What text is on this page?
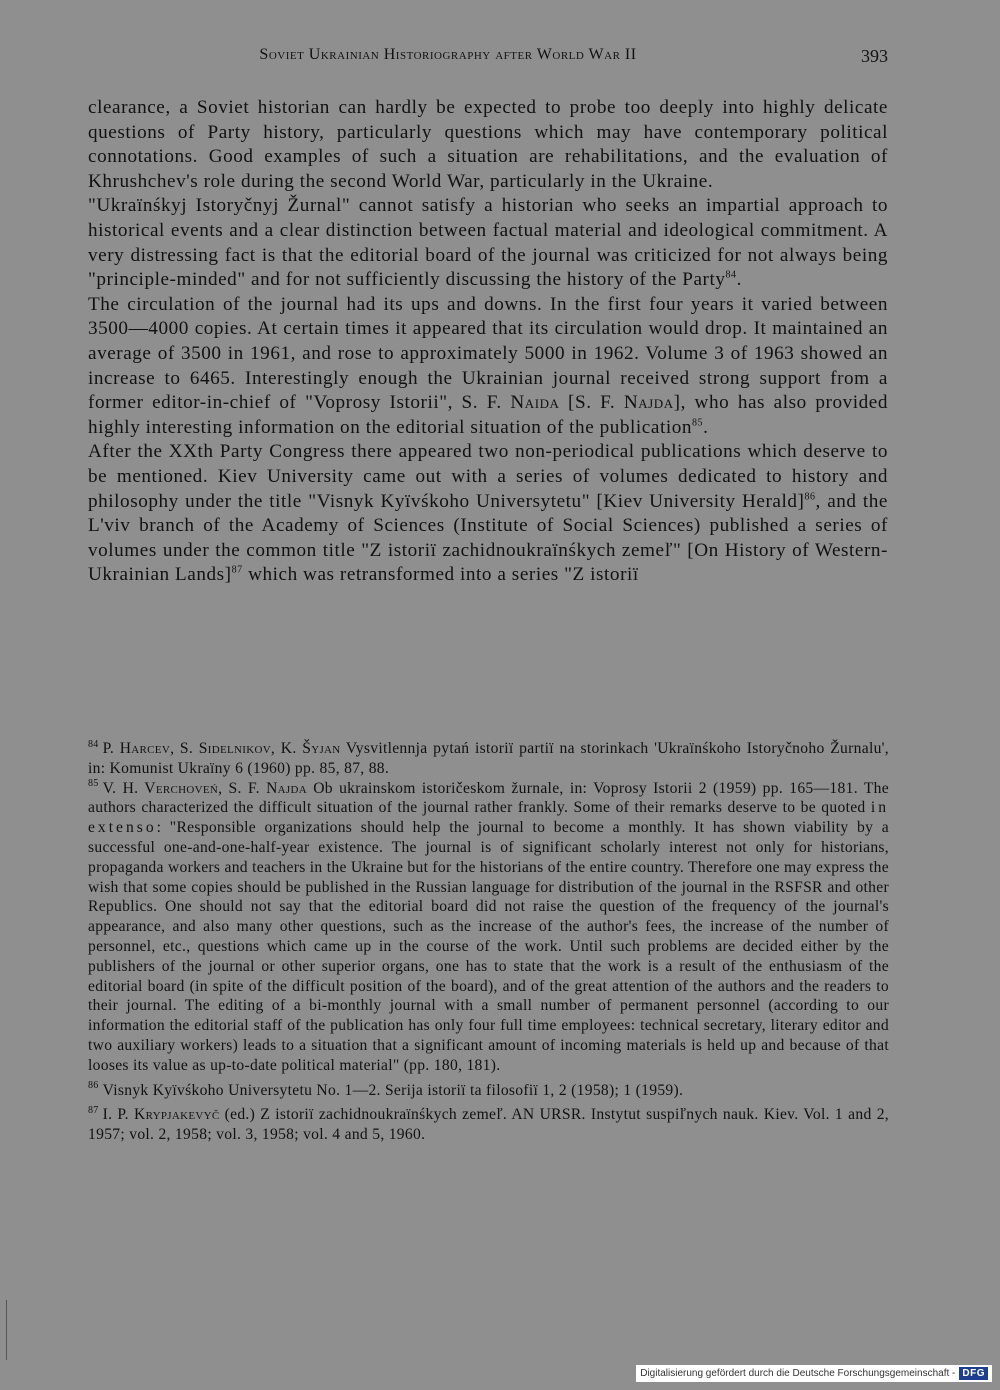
Soviet Ukrainian Historiography after World War II	393

clearance, a Soviet historian can hardly be expected to probe too deeply into highly delicate questions of Party history, particularly questions which may have contemporary political connotations. Good examples of such a situation are rehabilitations, and the evaluation of Khrushchev's role during the second World War, particularly in the Ukraine.

"Ukraïnśkyj Istoryčnyj Žurnal" cannot satisfy a historian who seeks an impartial approach to historical events and a clear distinction between factual material and ideological commitment. A very distressing fact is that the editorial board of the journal was criticized for not always being "principle-minded" and for not sufficiently discussing the history of the Party$^{84}$.

The circulation of the journal had its ups and downs. In the first four years it varied between 3500—4000 copies. At certain times it appeared that its circulation would drop. It maintained an average of 3500 in 1961, and rose to approximately 5000 in 1962. Volume 3 of 1963 showed an increase to 6465. Interestingly enough the Ukrainian journal received strong support from a former editor-in-chief of "Voprosy Istorii", S. F. Naida [S. F. Najda], who has also provided highly interesting information on the editorial situation of the publication$^{85}$.

After the XXth Party Congress there appeared two non-periodical publications which deserve to be mentioned. Kiev University came out with a series of volumes dedicated to history and philosophy under the title "Visnyk Kyïvśkoho Universytetu" [Kiev University Herald]$^{86}$, and the L'viv branch of the Academy of Sciences (Institute of Social Sciences) published a series of volumes under the common title "Z istoriï zachidnoukraïnśkych zemeľ" [On History of Western-Ukrainian Lands]$^{87}$ which was retransformed into a series "Z istoriï

$^{84}$ P. Harcev, S. Sidelnikov, K. Šyjan Vysvitlennja pytań istoriï partiï na storinkach 'Ukraïnśkoho Istoryčnoho Žurnalu', in: Komunist Ukraïny 6 (1960) pp. 85, 87, 88.

$^{85}$ V. H. Verchoveń, S. F. Najda Ob ukrainskom istoričeskom žurnale, in: Voprosy Istorii 2 (1959) pp. 165—181. The authors characterized the difficult situation of the journal rather frankly. Some of their remarks deserve to be quoted in extenso: "Responsible organizations should help the journal to become a monthly. It has shown viability by a successful one-and-one-half-year existence. The journal is of significant scholarly interest not only for historians, propaganda workers and teachers in the Ukraine but for the historians of the entire country. Therefore one may express the wish that some copies should be published in the Russian language for distribution of the journal in the RSFSR and other Republics. One should not say that the editorial board did not raise the question of the frequency of the journal's appearance, and also many other questions, such as the increase of the author's fees, the increase of the number of personnel, etc., questions which came up in the course of the work. Until such problems are decided either by the publishers of the journal or other superior organs, one has to state that the work is a result of the enthusiasm of the editorial board (in spite of the difficult position of the board), and of the great attention of the authors and the readers to their journal. The editing of a bi-monthly journal with a small number of permanent personnel (according to our information the editorial staff of the publication has only four full time employees: technical secretary, literary editor and two auxiliary workers) leads to a situation that a significant amount of incoming materials is held up and because of that looses its value as up-to-date political material" (pp. 180, 181).

$^{86}$ Visnyk Kyïvśkoho Universytetu No. 1—2. Serija istoriï ta filosofiï 1, 2 (1958); 1 (1959).

$^{87}$ I. P. Krypjakevyč (ed.) Z istoriï zachidnoukraïnśkych zemeľ. AN URSR. Instytut suspiľnych nauk. Kiev. Vol. 1 and 2, 1957; vol. 2, 1958; vol. 3, 1958; vol. 4 and 5, 1960.

Digitalisierung gefördert durch die Deutsche Forschungsgemeinschaft - DFG
